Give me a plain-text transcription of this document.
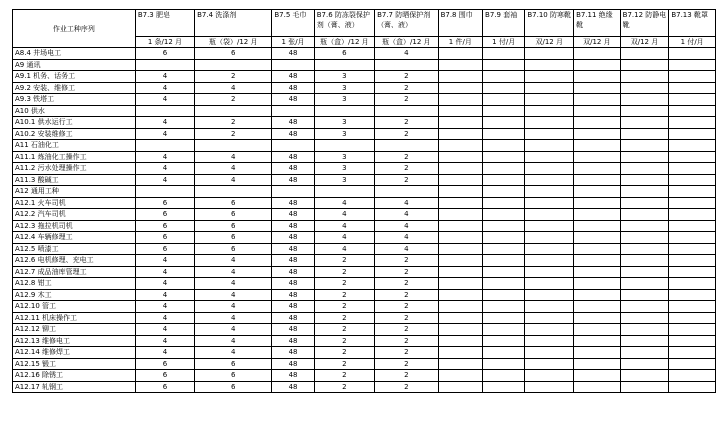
作业工种序列	B7.3 肥皂	B7.4 洗涤剂	B7.5 毛巾	B7.6 防冻裂保护剂（膏、液）	B7.7 防晒保护剂（膏、液）	B7.8 围巾	B7.9 套袖	B7.10 防寒靴	B7.11 绝缘靴	B7.12 防静电靴	B7.13 靴罩
	1 条/12 月	瓶（袋）/12 月	1 张/月	瓶（盒）/12 月	瓶（盒）/12 月	1 件/月	1 付/月	双/12 月	双/12 月	双/12 月	1 付/月
A8.4 井场电工	6	6	48	6	4						
A9 通讯											
A9.1 机务、话务工	4	2	48	3	2						
A9.2 安装、维修工	4	4	48	3	2						
A9.3 铁塔工	4	2	48	3	2						
A10 供水											
A10.1 供水运行工	4	2	48	3	2						
A10.2 安装维修工	4	2	48	3	2						
A11 石油化工											
A11.1 炼油化工操作工	4	4	48	3	2						
A11.2 污水处理操作工	4	4	48	3	2						
A11.3 酸碱工	4	4	48	3	2						
A12 通用工种											
A12.1 火车司机	6	6	48	4	4						
A12.2 汽车司机	6	6	48	4	4						
A12.3 拖拉机司机	6	6	48	4	4						
A12.4 车辆修理工	6	6	48	4	4						
A12.5 喷漆工	6	6	48	4	4						
A12.6 电机修理、充电工	4	4	48	2	2						
A12.7 成品油库管理工	4	4	48	2	2						
A12.8 钳工	4	4	48	2	2						
A12.9 木工	4	4	48	2	2						
A12.10 管工	4	4	48	2	2						
A12.11 机床操作工	4	4	48	2	2						
A12.12 铆工	4	4	48	2	2						
A12.13 维修电工	4	4	48	2	2						
A12.14 维修焊工	4	4	48	2	2						
A12.15 锻工	6	6	48	2	2						
A12.16 除锈工	6	6	48	2	2						
A12.17 轧钢工	6	6	48	2	2						
